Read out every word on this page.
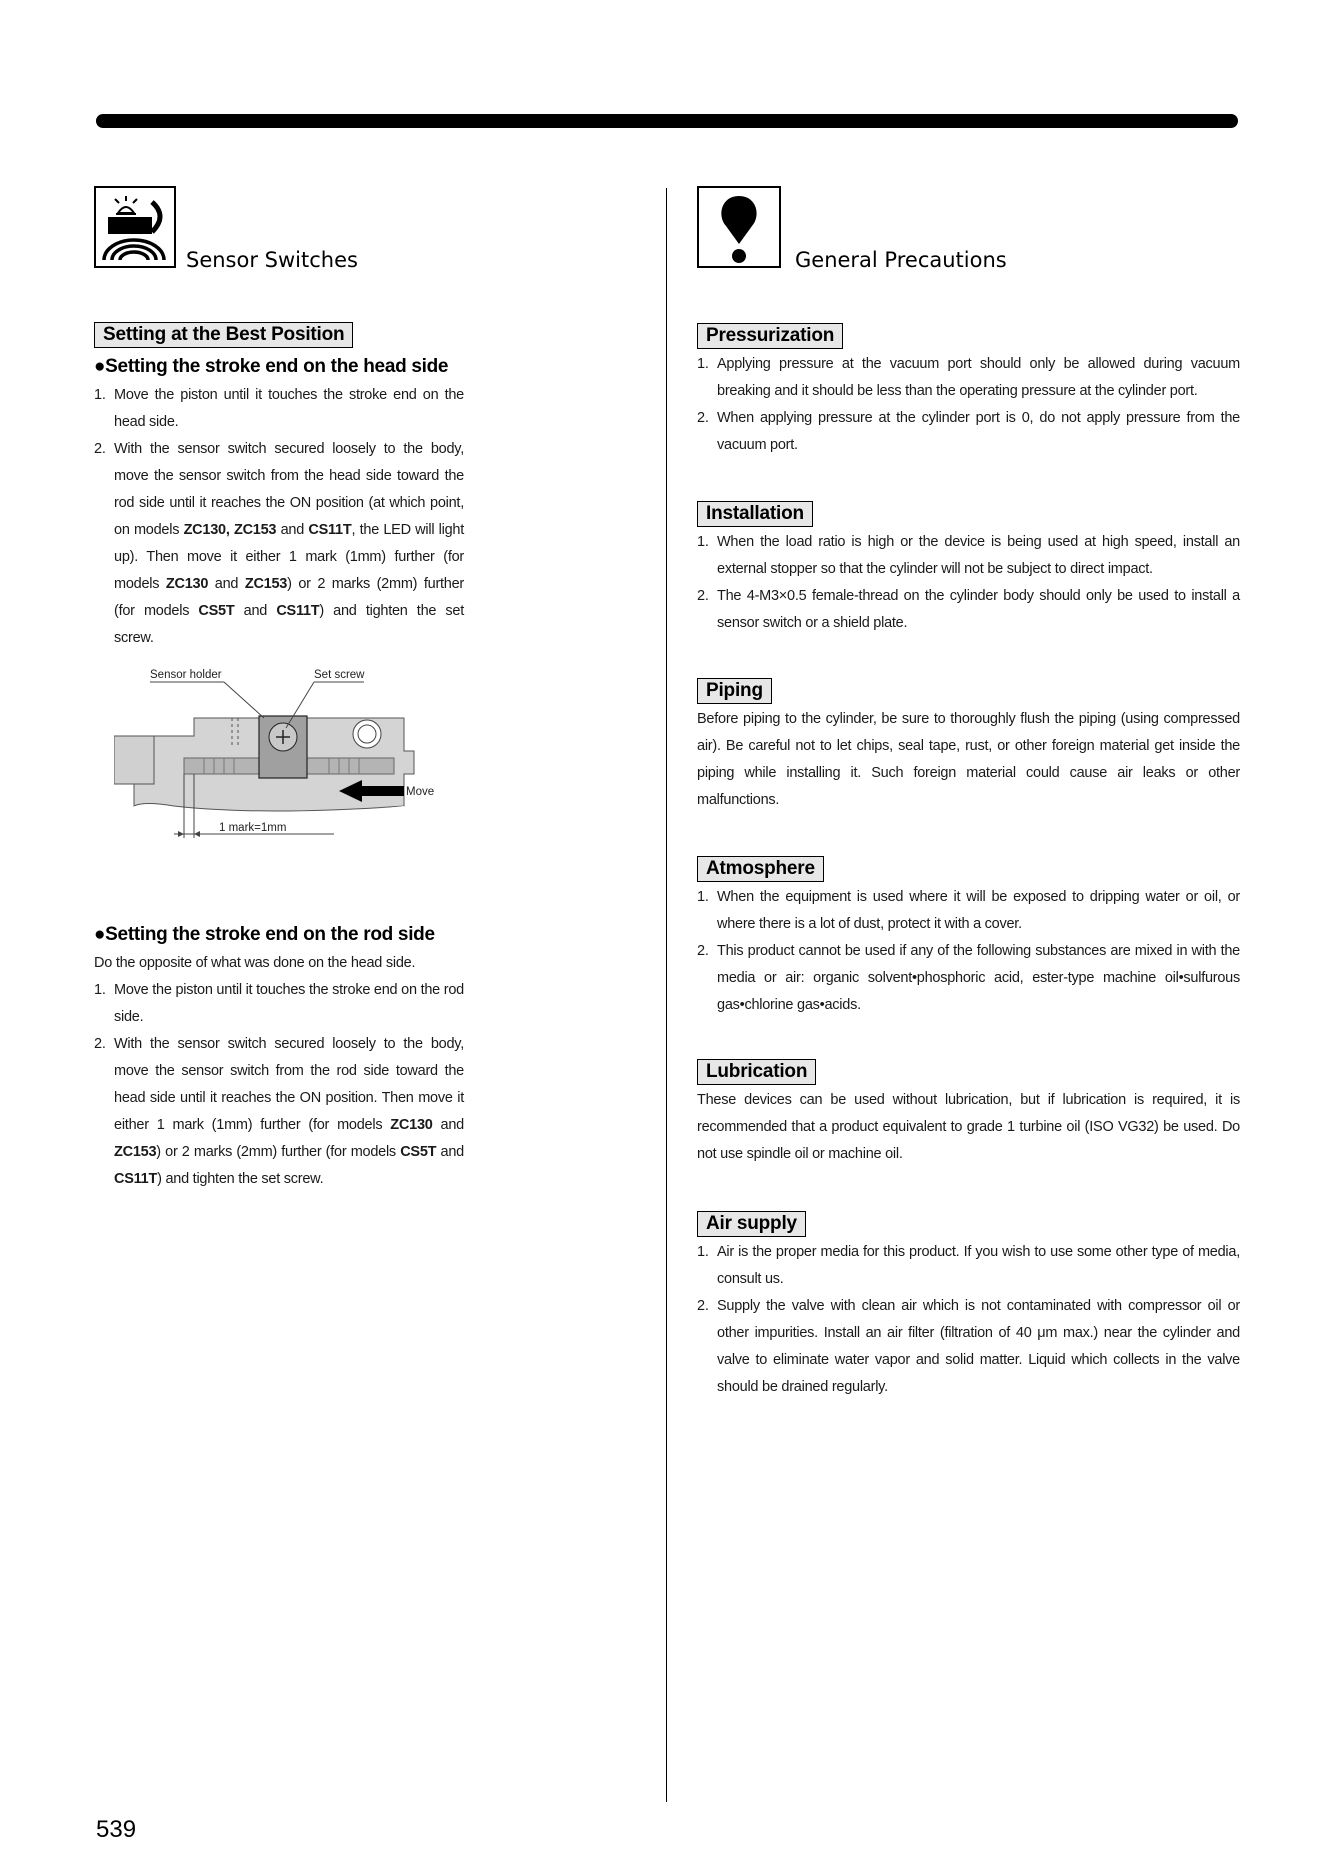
Sensor Switches
Setting at the Best Position
●Setting the stroke end on the head side
1. Move the piston until it touches the stroke end on the head side.
2. With the sensor switch secured loosely to the body, move the sensor switch from the head side toward the rod side until it reaches the ON position (at which point, on models ZC130, ZC153 and CS11T, the LED will light up). Then move it either 1 mark (1mm) further (for models ZC130 and ZC153) or 2 marks (2mm) further (for models CS5T and CS11T) and tighten the set screw.
Move
Sensor holder	Set screw
1 mark=1mm
●Setting the stroke end on the rod side

Do the opposite of what was done on the head side.

1. Move the piston until it touches the stroke end on the rod side.
2. With the sensor switch secured loosely to the body, move the sensor switch from the rod side toward the head side until it reaches the ON position. Then move it either 1 mark (1mm) further (for models ZC130 and ZC153) or 2 marks (2mm) further (for models CS5T and CS11T) and tighten the set screw.
General Precautions
Pressurization
1. Applying pressure at the vacuum port should only be allowed during vacuum breaking and it should be less than the operating pressure at the cylinder port.
2. When applying pressure at the cylinder port is 0, do not apply pressure from the vacuum port.
Installation
1. When the load ratio is high or the device is being used at high speed, install an external stopper so that the cylinder will not be subject to direct impact.
2. The 4-M3×0.5 female-thread on the cylinder body should only be used to install a sensor switch or a shield plate.
Piping

Before piping to the cylinder, be sure to thoroughly flush the piping (using compressed air). Be careful not to let chips, seal tape, rust, or other foreign material get inside the piping while installing it. Such foreign material could cause air leaks or other malfunctions.

Atmosphere
1. When the equipment is used where it will be exposed to dripping water or oil, or where there is a lot of dust, protect it with a cover.
2. This product cannot be used if any of the following substances are mixed in with the media or air: organic solvent•phosphoric acid, ester-type machine oil•sulfurous gas•chlorine gas•acids.
Lubrication

These devices can be used without lubrication, but if lubrication is required, it is recommended that a product equivalent to grade 1 turbine oil (ISO VG32) be used. Do not use spindle oil or machine oil.

Air supply
1. Air is the proper media for this product. If you wish to use some other type of media, consult us.
2. Supply the valve with clean air which is not contaminated with compressor oil or other impurities. Install an air filter (filtration of 40 μm max.) near the cylinder and valve to eliminate water vapor and solid matter. Liquid which collects in the valve should be drained regularly.
539
